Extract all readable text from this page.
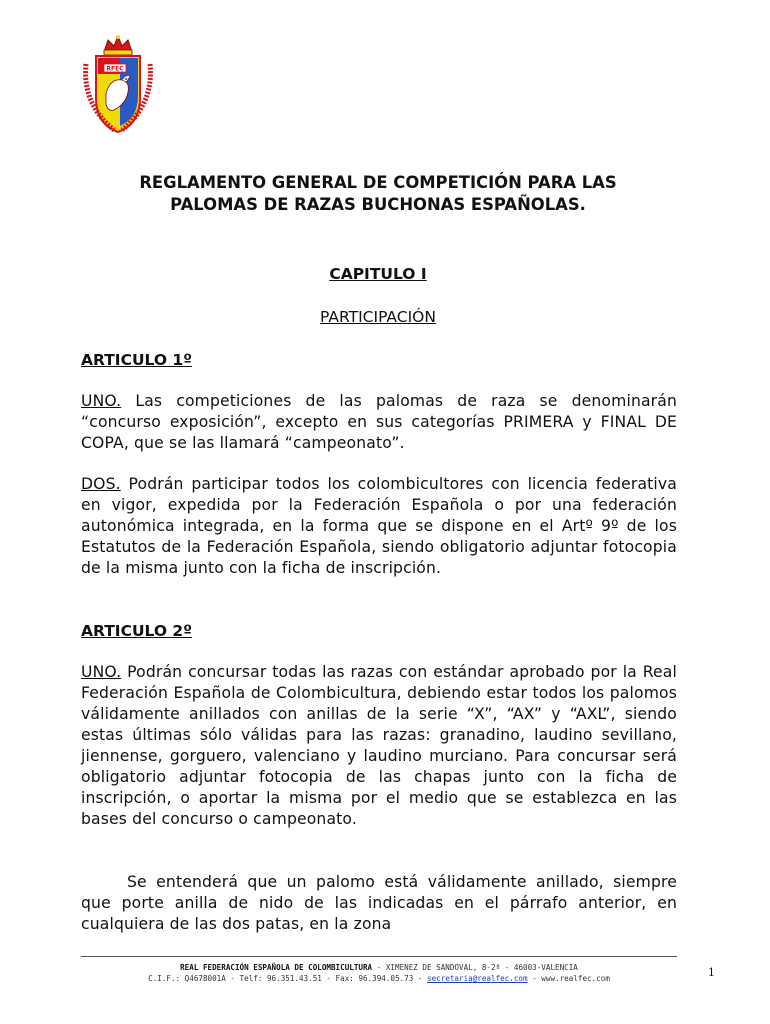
RFEC
REGLAMENTO GENERAL DE COMPETICIÓN PARA LAS
PALOMAS DE RAZAS BUCHONAS ESPAÑOLAS.
CAPITULO I
PARTICIPACIÓN
ARTICULO 1º

UNO. Las competiciones de las palomas de raza se denominarán “concurso exposición”, excepto en sus categorías PRIMERA y FINAL DE COPA, que se las llamará “campeonato”.

DOS. Podrán participar todos los colombicultores con licencia federativa en vigor, expedida por la Federación Española o por una federación autonómica integrada, en la forma que se dispone en el Artº 9º de los Estatutos de la Federación Española, siendo obligatorio adjuntar fotocopia de la misma junto con la ficha de inscripción.

ARTICULO 2º

UNO. Podrán concursar todas las razas con estándar aprobado por la Real Federación Española de Colombicultura, debiendo estar todos los palomos válidamente anillados con anillas de la serie “X”, “AX” y “AXL”, siendo estas últimas sólo válidas para las razas: granadino, laudino sevillano, jiennense, gorguero, valenciano y laudino murciano. Para concursar será obligatorio adjuntar fotocopia de las chapas junto con la ficha de inscripción, o aportar la misma por el medio que se establezca en las bases del concurso o campeonato.

Se entenderá que un palomo está válidamente anillado, siempre que porte anilla de nido de las indicadas en el párrafo anterior, en cualquiera de las dos patas, en la zona

REAL FEDERACIÓN ESPAÑOLA DE COLOMBICULTURA - XIMENEZ DE SANDOVAL, 8-2ª - 46003-VALENCIA
C.I.F.: Q4678001A - Telf: 96.351.43.51 - Fax: 96.394.05.73 - secretaria@realfec.com - www.realfec.com	1
